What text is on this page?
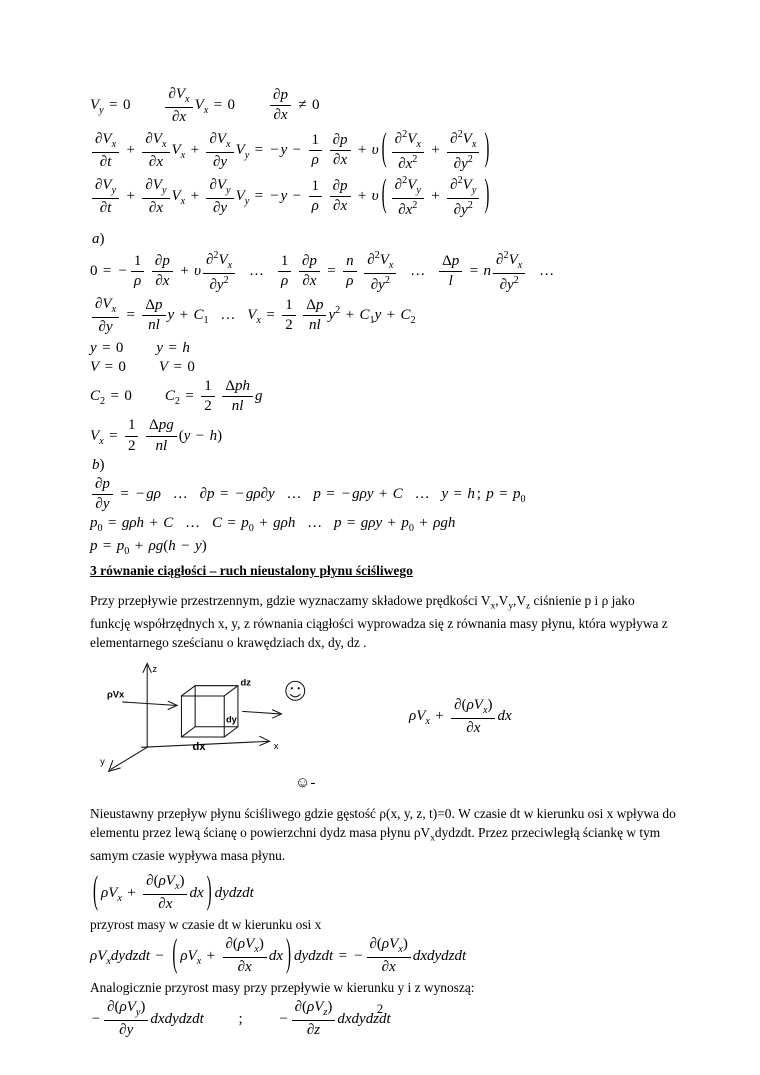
$V_y = 0 \frac{\partial V_x}{\partial x} V_x = 0 \frac{\partial p}{\partial x} \ne 0$
$\frac{\partial V_x}{\partial t} + \frac{\partial V_x}{\partial x} V_x + \frac{\partial V_x}{\partial y} V_y$ = − $y - \frac{1}{\rho} \frac{\partial p}{\partial x} + \upsilon$ ( $\frac{\partial^2V_x}{\partial x^2} + \frac{\partial^2V_x}{\partial y^2}$ )
$\frac{\partial V_y}{\partial t} + \frac{\partial V_y}{\partial x} V_x + \frac{\partial V_y}{\partial y} V_y$ = − $y - \frac{1}{\rho} \frac{\partial p}{\partial x} + \upsilon$ ( $\frac{\partial^2V_y}{\partial x^2} + \frac{\partial^2V_y}{\partial y^2}$ )
a)
0 = − $\frac{1}{\rho} \frac{\partial p}{\partial x} + \upsilon \frac{\partial^2V_x}{\partial y^2}$ … $\frac{1}{\rho} \frac{\partial p}{\partial x} = \frac{n}{\rho} \frac{\partial^2V_x}{\partial y^2}$ … $\frac{\Delta p}{l} = n \frac{\partial^2V_x}{\partial y^2}$ …
$\frac{\partial V_x}{\partial y} = \frac{\Delta p}{nl}$ $y + C_1$ … $V_x = \frac{1}{2} \frac{\Delta p}{nl} y^2 + C_1y + C_2$
y = 0 y = h
V = 0 V = 0
$C_2 = 0$ $C_2 = \frac{1}{2} \frac{\text{Δph}}{nl}$ g
$V_x = \frac{1}{2} \frac{\text{Δpg}}{nl} (y - h)$
b)
$\frac{\partial p}{\partial y}$ = − gρ … ∂p = − gρ∂y … p = − gρy + C … y = h ; $p = p_0$
$p_0 = g\rho h + C$ … $C = p_0 + g\rho h$ … $p = g\rho y + p_0 + \rho gh$
$p = p_0 + \rho g(h - y)$
3 równanie ciągłości – ruch nieustalony płynu ściśliwego

Przy przepływie przestrzennym, gdzie wyznaczamy składowe prędkości $V_x,V_y,V_z$ ciśnienie p i ρ jako funkcję współrzędnych x, y, z równania ciągłości wyprowadza się z równania masy płynu, która wypływa z elementarnego sześcianu o krawędziach dx, dy, dz .

z
x
y
ρVx
dz
dy
dx
$\rho V_x + \frac{\partial(\rho V_x)}{\partial x}$ dx
☺-

Nieustawny przepływ płynu ściśliwego gdzie gęstość ρ(x, y, z, t)=0. W czasie dt w kierunku osi x wpływa do elementu przez lewą ścianę o powierzchni dydz masa płynu $\rho V_xdydzdt$. Przez przeciwległą ściankę w tym samym czasie wypływa masa płynu.

( $\rho V_x + \frac{\partial(\rho V_x)}{\partial x}$ dx ) dydzdt

przyrost masy w czasie dt w kierunku osi x

$\rho V_xdydzdt$ − ( $\rho V_x + \frac{\partial(\rho V_x)}{\partial x}$ dx ) dydzdt = − $\frac{\partial(\rho V_x)}{\partial x}$ dxdydzdt

Analogicznie przyrost masy przy przepływie w kierunku y i z wynoszą:

− $\frac{\partial(\rho V_y)}{\partial y}$ dxdydzdt ; − $\frac{\partial(\rho V_z)}{\partial z}$ dxdydzdt
2
